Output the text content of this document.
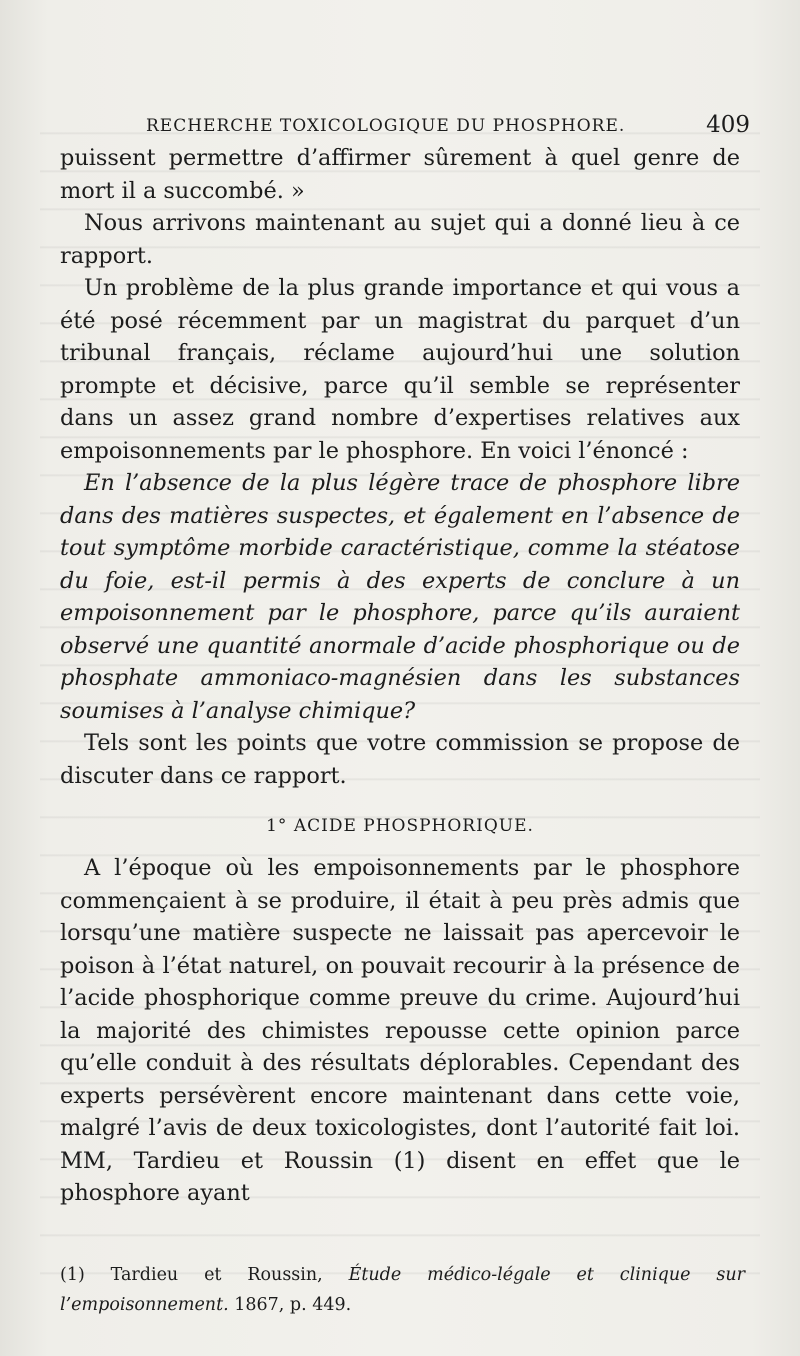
RECHERCHE TOXICOLOGIQUE DU PHOSPHORE.	409

puissent permettre d’affirmer sûrement à quel genre de mort il a succombé. »

Nous arrivons maintenant au sujet qui a donné lieu à ce rapport.

Un problème de la plus grande importance et qui vous a été posé récemment par un magistrat du parquet d’un tribunal français, réclame aujourd’hui une solution prompte et décisive, parce qu’il semble se représenter dans un assez grand nombre d’expertises relatives aux empoisonnements par le phosphore. En voici l’énoncé :

En l’absence de la plus légère trace de phosphore libre dans des matières suspectes, et également en l’absence de tout symptôme morbide caractéristique, comme la stéatose du foie, est-il permis à des experts de conclure à un empoisonnement par le phosphore, parce qu’ils auraient observé une quantité anormale d’acide phosphorique ou de phosphate ammoniaco-magnésien dans les substances soumises à l’analyse chimique?

Tels sont les points que votre commission se propose de discuter dans ce rapport.

1° ACIDE PHOSPHORIQUE.

A l’époque où les empoisonnements par le phosphore commençaient à se produire, il était à peu près admis que lorsqu’une matière suspecte ne laissait pas apercevoir le poison à l’état naturel, on pouvait recourir à la présence de l’acide phosphorique comme preuve du crime. Aujourd’hui la majorité des chimistes repousse cette opinion parce qu’elle conduit à des résultats déplorables. Cependant des experts persévèrent encore maintenant dans cette voie, malgré l’avis de deux toxicologistes, dont l’autorité fait loi. MM, Tardieu et Roussin (1) disent en effet que le phosphore ayant

(1) Tardieu et Roussin, Étude médico-légale et clinique sur l’empoisonnement. 1867, p. 449.
